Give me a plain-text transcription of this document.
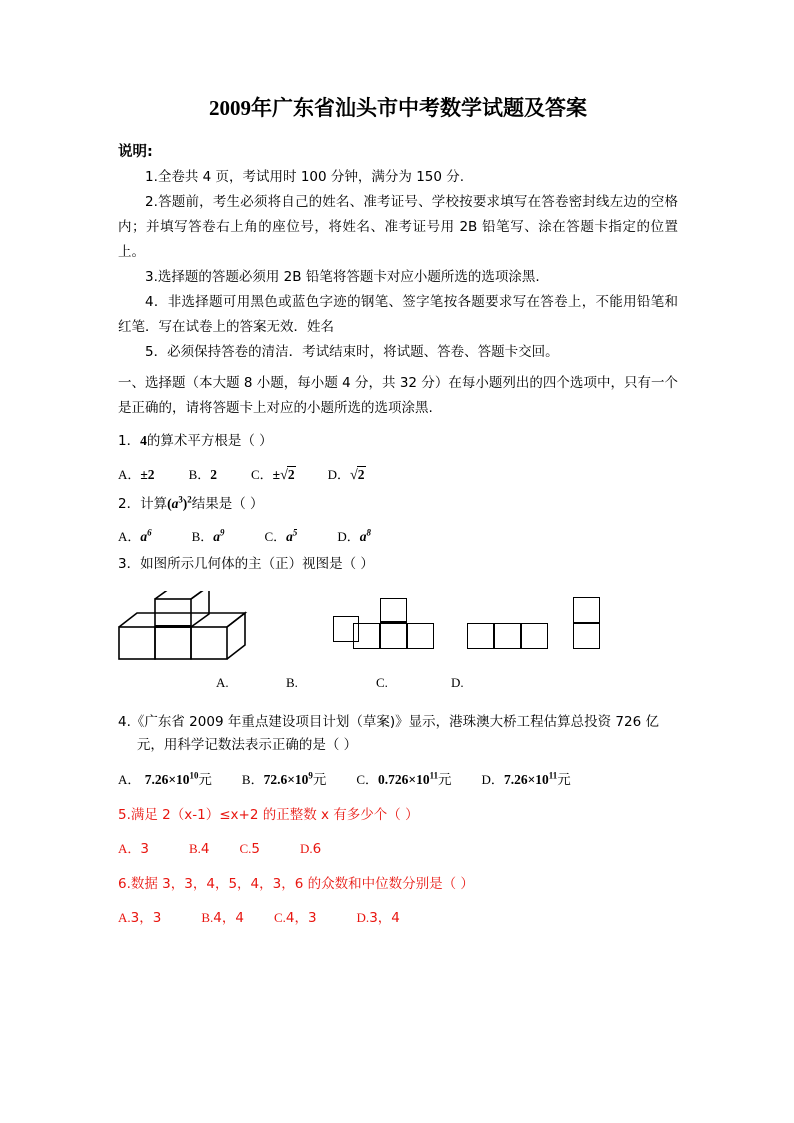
2009年广东省汕头市中考数学试题及答案
说明:

1.全卷共 4 页，考试用时 100 分钟，满分为 150 分.

2.答题前，考生必须将自己的姓名、准考证号、学校按要求填写在答卷密封线左边的空格内；并填写答卷右上角的座位号，将姓名、准考证号用 2B 铅笔写、涂在答题卡指定的位置上。

3.选择题的答题必须用 2B 铅笔将答题卡对应小题所选的选项涂黑.

4．非选择题可用黑色或蓝色字迹的钢笔、签字笔按各题要求写在答卷上，不能用铅笔和红笔．写在试卷上的答案无效．姓名

5．必须保持答卷的清洁．考试结束时，将试题、答卷、答题卡交回。

一、选择题（本大题 8 小题，每小题 4 分，共 32 分）在每小题列出的四个选项中，只有一个是正确的，请将答题卡上对应的小题所选的选项涂黑.

1．4的算术平方根是（ ）

A．±2	B．2	C．±√2	D．√2

2．计算$(a^3)^2$结果是（ ）

A．$a^6$	B．$a^9$	C．$a^5$	D．$a^8$

3．如图所示几何体的主（正）视图是（ ）

A.	B.	C.	D.

4.《广东省 2009 年重点建设项目计划（草案)》显示，港珠澳大桥工程估算总投资 726 亿元，用科学记数法表示正确的是（ ）

A． $7.26\times 10^{10}$元 B．$72.6\times 10^9$元 C．$0.726\times 10^{11}$元 D．$7.26\times 10^{11}$元

5.满足 2（x-1）≤x+2 的正整数 x 有多少个（ ）

A．3	B.4 C.5	D.6

6.数据 3，3，4，5，4，3，6 的众数和中位数分别是（ ）

A.3，3	B.4，4 C.4，3	D.3，4
